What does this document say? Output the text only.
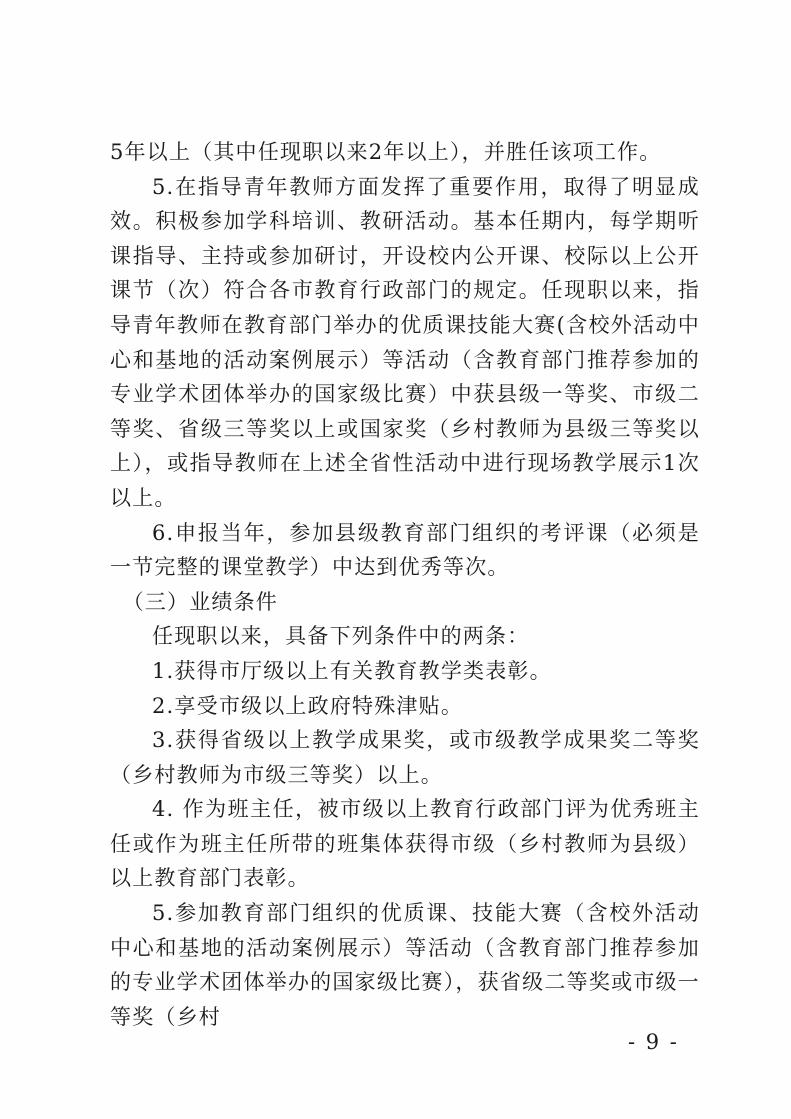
5年以上（其中任现职以来2年以上），并胜任该项工作。

5.在指导青年教师方面发挥了重要作用，取得了明显成效。积极参加学科培训、教研活动。基本任期内，每学期听课指导、主持或参加研讨，开设校内公开课、校际以上公开课节（次）符合各市教育行政部门的规定。任现职以来，指导青年教师在教育部门举办的优质课技能大赛(含校外活动中心和基地的活动案例展示）等活动（含教育部门推荐参加的专业学术团体举办的国家级比赛）中获县级一等奖、市级二等奖、省级三等奖以上或国家奖（乡村教师为县级三等奖以上），或指导教师在上述全省性活动中进行现场教学展示1次以上。

6.申报当年，参加县级教育部门组织的考评课（必须是一节完整的课堂教学）中达到优秀等次。

（三）业绩条件

任现职以来，具备下列条件中的两条：

1.获得市厅级以上有关教育教学类表彰。

2.享受市级以上政府特殊津贴。

3.获得省级以上教学成果奖，或市级教学成果奖二等奖（乡村教师为市级三等奖）以上。

4. 作为班主任，被市级以上教育行政部门评为优秀班主任或作为班主任所带的班集体获得市级（乡村教师为县级）以上教育部门表彰。

5.参加教育部门组织的优质课、技能大赛（含校外活动中心和基地的活动案例展示）等活动（含教育部门推荐参加的专业学术团体举办的国家级比赛），获省级二等奖或市级一等奖（乡村

- 9 -
